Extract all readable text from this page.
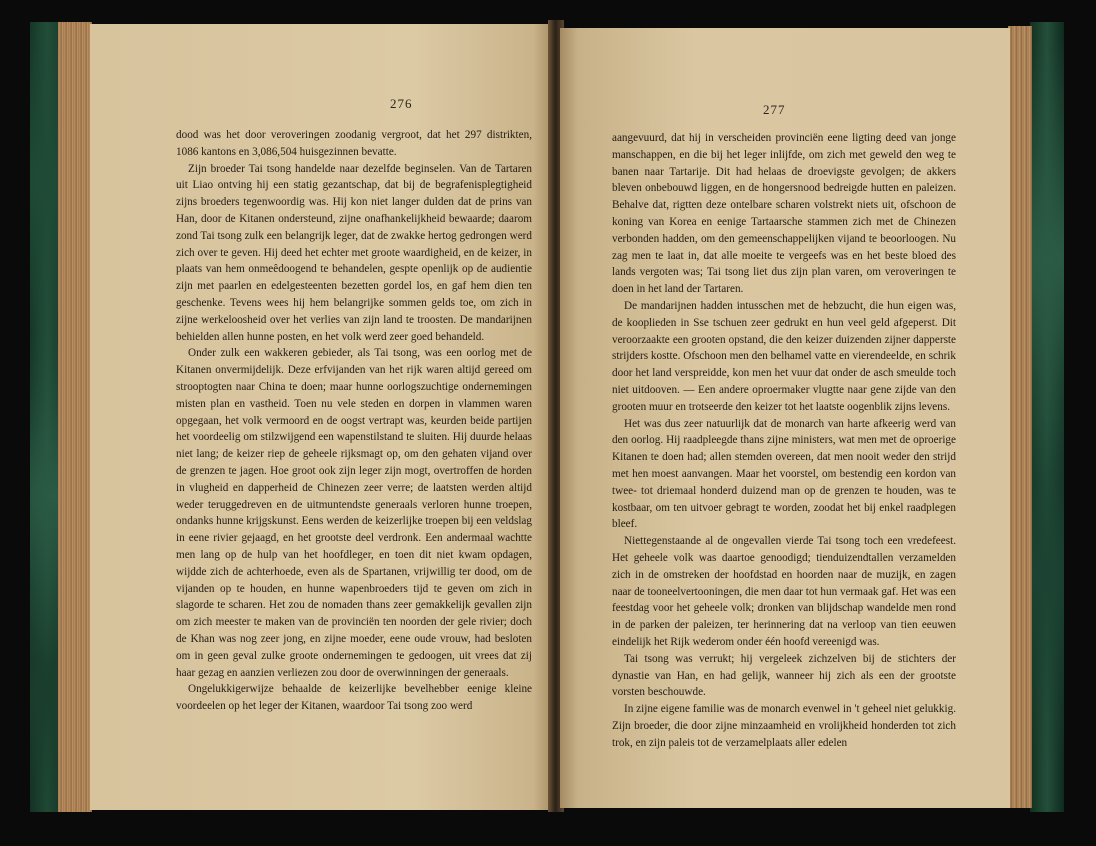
276

dood was het door veroveringen zoodanig vergroot, dat het 297 distrikten, 1086 kantons en 3,086,504 huisgezinnen bevatte.

Zijn broeder Tai tsong handelde naar dezelfde beginselen. Van de Tartaren uit Liao ontving hij een statig gezantschap, dat bij de begrafenisplegtigheid zijns broeders tegenwoordig was. Hij kon niet langer dulden dat de prins van Han, door de Kitanen ondersteund, zijne onafhankelijkheid bewaarde; daarom zond Tai tsong zulk een belangrijk leger, dat de zwakke hertog gedrongen werd zich over te geven. Hij deed het echter met groote waardigheid, en de keizer, in plaats van hem onmeêdoogend te behandelen, gespte openlijk op de audientie zijn met paarlen en edelgesteenten bezetten gordel los, en gaf hem dien ten geschenke. Tevens wees hij hem belangrijke sommen gelds toe, om zich in zijne werkeloosheid over het verlies van zijn land te troosten. De mandarijnen behielden allen hunne posten, en het volk werd zeer goed behandeld.

Onder zulk een wakkeren gebieder, als Tai tsong, was een oorlog met de Kitanen onvermijdelijk. Deze erfvijanden van het rijk waren altijd gereed om strooptogten naar China te doen; maar hunne oorlogszuchtige ondernemingen misten plan en vastheid. Toen nu vele steden en dorpen in vlammen waren opgegaan, het volk vermoord en de oogst vertrapt was, keurden beide partijen het voordeelig om stilzwijgend een wapenstilstand te sluiten. Hij duurde helaas niet lang; de keizer riep de geheele rijksmagt op, om den gehaten vijand over de grenzen te jagen. Hoe groot ook zijn leger zijn mogt, overtroffen de horden in vlugheid en dapperheid de Chinezen zeer verre; de laatsten werden altijd weder teruggedreven en de uitmuntendste generaals verloren hunne troepen, ondanks hunne krijgskunst. Eens werden de keizerlijke troepen bij een veldslag in eene rivier gejaagd, en het grootste deel verdronk. Een andermaal wachtte men lang op de hulp van het hoofdleger, en toen dit niet kwam opdagen, wijdde zich de achterhoede, even als de Spartanen, vrijwillig ter dood, om de vijanden op te houden, en hunne wapenbroeders tijd te geven om zich in slagorde te scharen. Het zou de nomaden thans zeer gemakkelijk gevallen zijn om zich meester te maken van de provinciën ten noorden der gele rivier; doch de Khan was nog zeer jong, en zijne moeder, eene oude vrouw, had besloten om in geen geval zulke groote ondernemingen te gedoogen, uit vrees dat zij haar gezag en aanzien verliezen zou door de overwinningen der generaals.

Ongelukkigerwijze behaalde de keizerlijke bevelhebber eenige kleine voordeelen op het leger der Kitanen, waardoor Tai tsong zoo werd

277

aangevuurd, dat hij in verscheiden provinciën eene ligting deed van jonge manschappen, en die bij het leger inlijfde, om zich met geweld den weg te banen naar Tartarije. Dit had helaas de droevigste gevolgen; de akkers bleven onbebouwd liggen, en de hongersnood bedreigde hutten en paleizen. Behalve dat, rigtten deze ontelbare scharen volstrekt niets uit, ofschoon de koning van Korea en eenige Tartaarsche stammen zich met de Chinezen verbonden hadden, om den gemeenschappelijken vijand te beoorloogen. Nu zag men te laat in, dat alle moeite te vergeefs was en het beste bloed des lands vergoten was; Tai tsong liet dus zijn plan varen, om veroveringen te doen in het land der Tartaren.

De mandarijnen hadden intusschen met de hebzucht, die hun eigen was, de kooplieden in Sse tschuen zeer gedrukt en hun veel geld afgeperst. Dit veroorzaakte een grooten opstand, die den keizer duizenden zijner dapperste strijders kostte. Ofschoon men den belhamel vatte en vierendeelde, en schrik door het land verspreidde, kon men het vuur dat onder de asch smeulde toch niet uitdooven. — Een andere oproermaker vlugtte naar gene zijde van den grooten muur en trotseerde den keizer tot het laatste oogenblik zijns levens.

Het was dus zeer natuurlijk dat de monarch van harte afkeerig werd van den oorlog. Hij raadpleegde thans zijne ministers, wat men met de oproerige Kitanen te doen had; allen stemden overeen, dat men nooit weder den strijd met hen moest aanvangen. Maar het voorstel, om bestendig een kordon van twee- tot driemaal honderd duizend man op de grenzen te houden, was te kostbaar, om ten uitvoer gebragt te worden, zoodat het bij enkel raadplegen bleef.

Niettegenstaande al de ongevallen vierde Tai tsong toch een vredefeest. Het geheele volk was daartoe genoodigd; tienduizendtallen verzamelden zich in de omstreken der hoofdstad en hoorden naar de muzijk, en zagen naar de tooneelvertooningen, die men daar tot hun vermaak gaf. Het was een feestdag voor het geheele volk; dronken van blijdschap wandelde men rond in de parken der paleizen, ter herinnering dat na verloop van tien eeuwen eindelijk het Rijk wederom onder één hoofd vereenigd was.

Tai tsong was verrukt; hij vergeleek zichzelven bij de stichters der dynastie van Han, en had gelijk, wanneer hij zich als een der grootste vorsten beschouwde.

In zijne eigene familie was de monarch evenwel in 't geheel niet gelukkig. Zijn broeder, die door zijne minzaamheid en vrolijkheid honderden tot zich trok, en zijn paleis tot de verzamelplaats aller edelen
